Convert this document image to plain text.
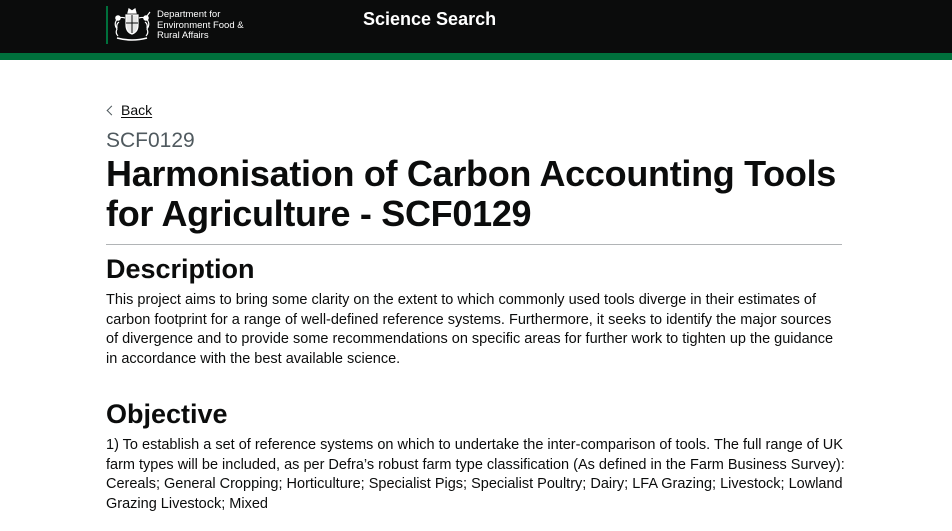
Department for
Environment Food &
Rural Affairs
Science Search
Back
SCF0129
Harmonisation of Carbon Accounting Tools for Agriculture - SCF0129
Description

This project aims to bring some clarity on the extent to which commonly used tools diverge in their estimates of carbon footprint for a range of well-defined reference systems. Furthermore, it seeks to identify the major sources of divergence and to provide some recommendations on specific areas for further work to tighten up the guidance in accordance with the best available science.

Objective

1) To establish a set of reference systems on which to undertake the inter-comparison of tools. The full range of UK farm types will be included, as per Defra’s robust farm type classification (As defined in the Farm Business Survey): Cereals; General Cropping; Horticulture; Specialist Pigs; Specialist Poultry; Dairy; LFA Grazing; Livestock; Lowland Grazing Livestock; Mixed
